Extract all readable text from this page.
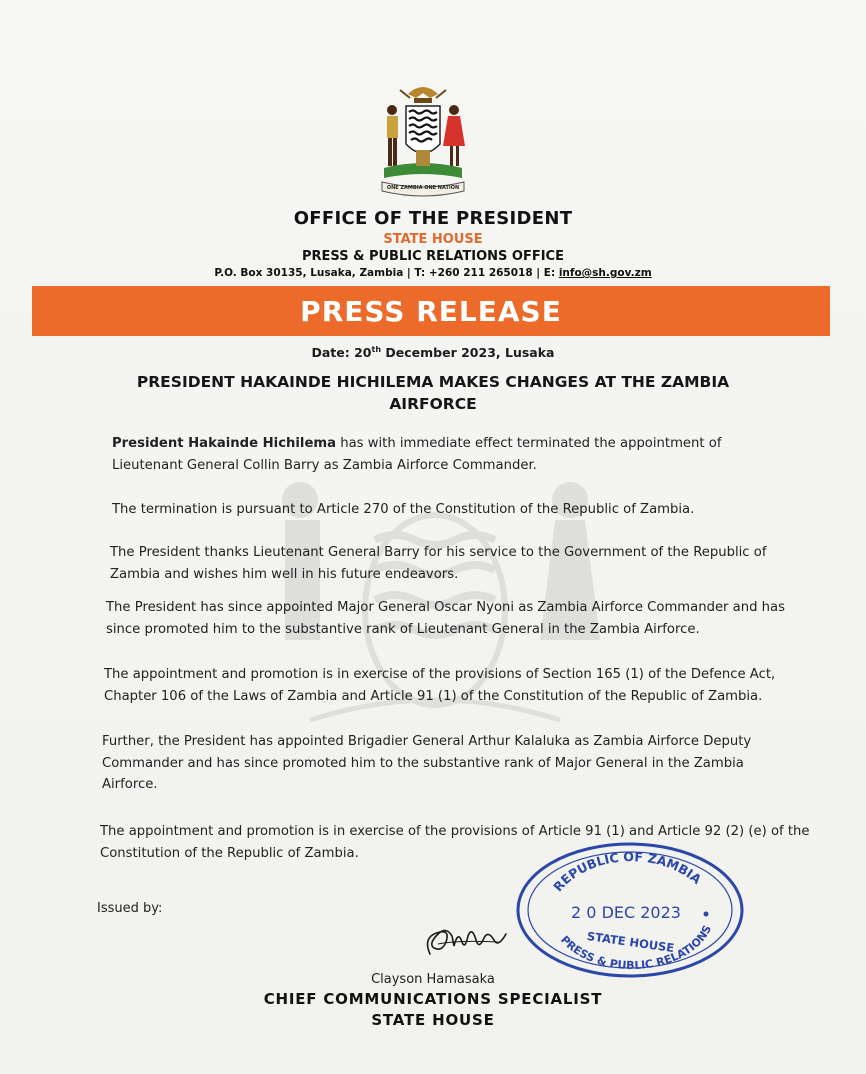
ONE ZAMBIA ONE NATION
OFFICE OF THE PRESIDENT
STATE HOUSE
PRESS & PUBLIC RELATIONS OFFICE
P.O. Box 30135, Lusaka, Zambia | T: +260 211 265018 | E: info@sh.gov.zm
PRESS RELEASE
Date: 20th December 2023, Lusaka
PRESIDENT HAKAINDE HICHILEMA MAKES CHANGES AT THE ZAMBIA AIRFORCE
President Hakainde Hichilema has with immediate effect terminated the appointment of Lieutenant General Collin Barry as Zambia Airforce Commander.
The termination is pursuant to Article 270 of the Constitution of the Republic of Zambia.
The President thanks Lieutenant General Barry for his service to the Government of the Republic of Zambia and wishes him well in his future endeavors.
The President has since appointed Major General Oscar Nyoni as Zambia Airforce Commander and has since promoted him to the substantive rank of Lieutenant General in the Zambia Airforce.
The appointment and promotion is in exercise of the provisions of Section 165 (1) of the Defence Act, Chapter 106 of the Laws of Zambia and Article 91 (1) of the Constitution of the Republic of Zambia.
Further, the President has appointed Brigadier General Arthur Kalaluka as Zambia Airforce Deputy Commander and has since promoted him to the substantive rank of Major General in the Zambia Airforce.
The appointment and promotion is in exercise of the provisions of Article 91 (1) and Article 92 (2) (e) of the Constitution of the Republic of Zambia.
Issued by:
Clayson Hamasaka
CHIEF COMMUNICATIONS SPECIALIST
STATE HOUSE
REPUBLIC OF ZAMBIA
2 0 DEC 2023
STATE HOUSE
PRESS & PUBLIC RELATIONS
